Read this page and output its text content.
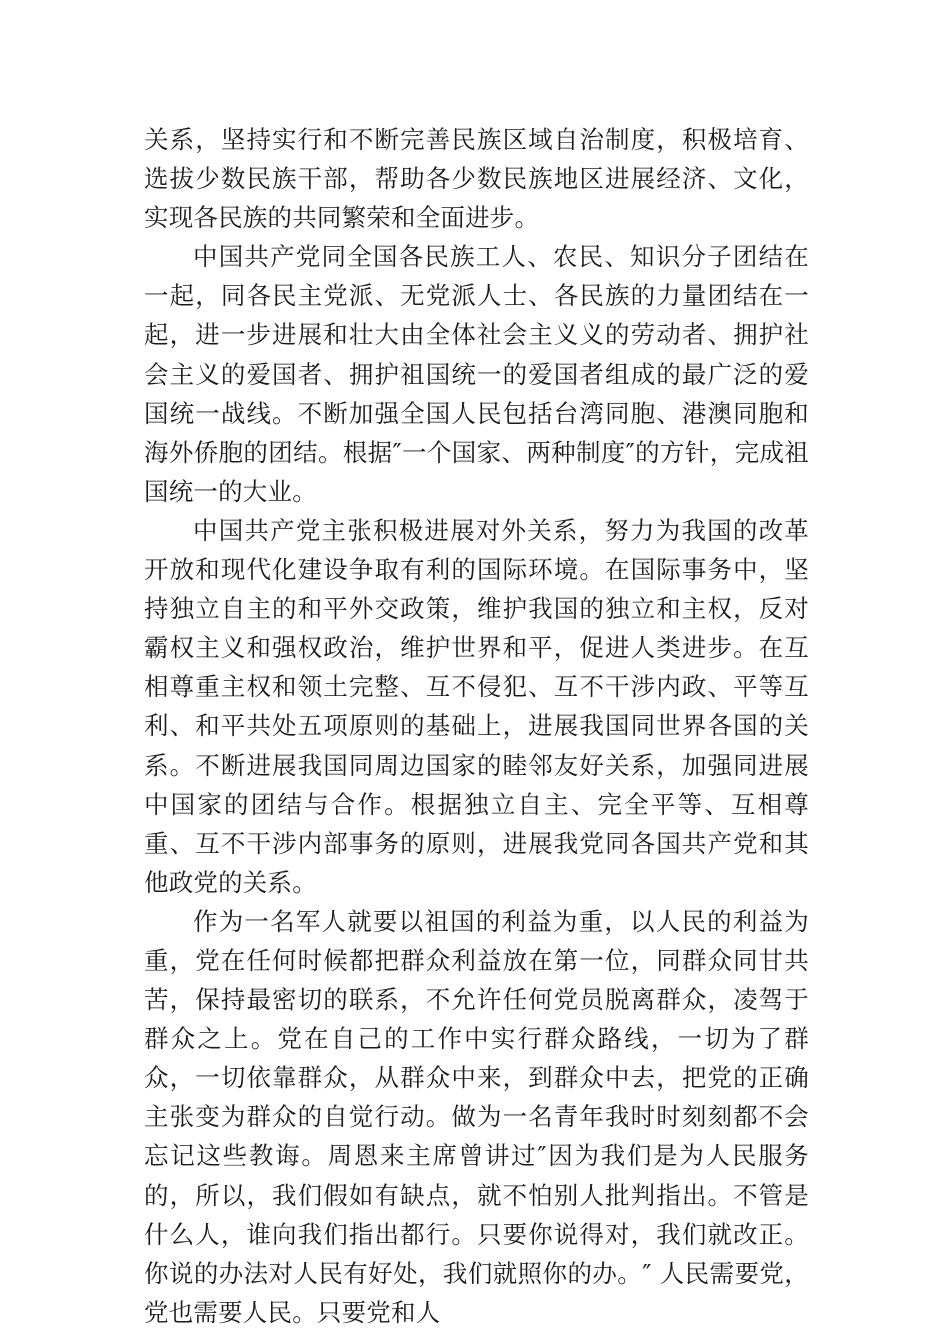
关系，坚持实行和不断完善民族区域自治制度，积极培育、选拔少数民族干部，帮助各少数民族地区进展经济、文化，实现各民族的共同繁荣和全面进步。

中国共产党同全国各民族工人、农民、知识分子团结在一起，同各民主党派、无党派人士、各民族的力量团结在一起，进一步进展和壮大由全体社会主义义的劳动者、拥护社会主义的爱国者、拥护祖国统一的爱国者组成的最广泛的爱国统一战线。不断加强全国人民包括台湾同胞、港澳同胞和海外侨胞的团结。根据″一个国家、两种制度″的方针，完成祖国统一的大业。

中国共产党主张积极进展对外关系，努力为我国的改革开放和现代化建设争取有利的国际环境。在国际事务中，坚持独立自主的和平外交政策，维护我国的独立和主权，反对霸权主义和强权政治，维护世界和平，促进人类进步。在互相尊重主权和领土完整、互不侵犯、互不干涉内政、平等互利、和平共处五项原则的基础上，进展我国同世界各国的关系。不断进展我国同周边国家的睦邻友好关系，加强同进展中国家的团结与合作。根据独立自主、完全平等、互相尊重、互不干涉内部事务的原则，进展我党同各国共产党和其他政党的关系。

作为一名军人就要以祖国的利益为重，以人民的利益为重，党在任何时候都把群众利益放在第一位，同群众同甘共苦，保持最密切的联系，不允许任何党员脱离群众，凌驾于群众之上。党在自己的工作中实行群众路线，一切为了群众，一切依靠群众，从群众中来，到群众中去，把党的正确主张变为群众的自觉行动。做为一名青年我时时刻刻都不会忘记这些教诲。周恩来主席曾讲过″因为我们是为人民服务的，所以，我们假如有缺点，就不怕别人批判指出。不管是什么人，谁向我们指出都行。只要你说得对，我们就改正。你说的办法对人民有好处，我们就照你的办。″ 人民需要党，党也需要人民。只要党和人
